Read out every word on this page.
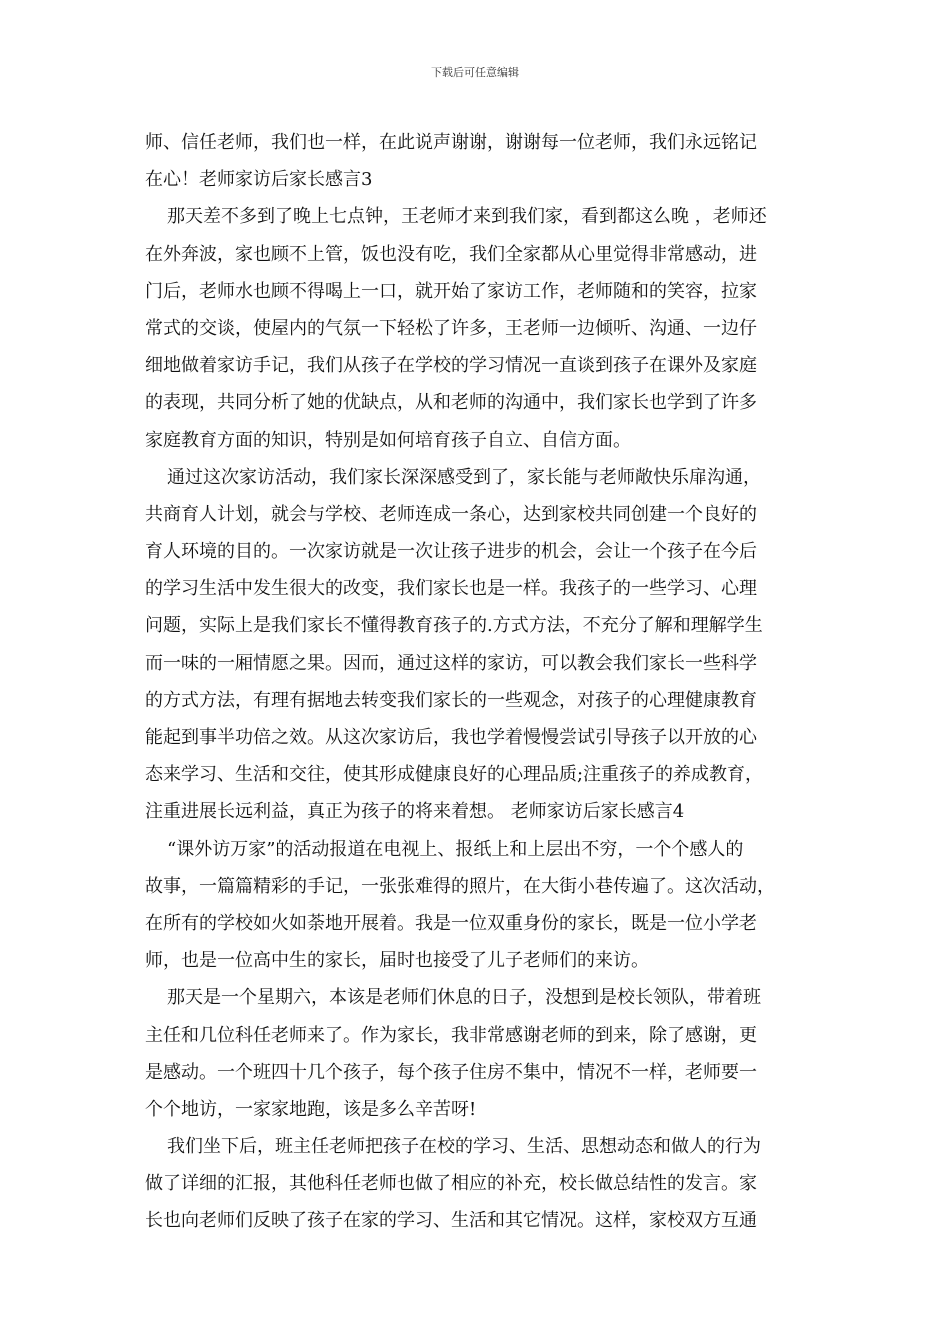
下载后可任意编辑
师、信任老师，我们也一样，在此说声谢谢，谢谢每一位老师，我们永远铭记
在心！老师家访后家长感言3
那天差不多到了晚上七点钟，王老师才来到我们家，看到都这么晚 ，老师还
在外奔波，家也顾不上管，饭也没有吃，我们全家都从心里觉得非常感动，进
门后，老师水也顾不得喝上一口，就开始了家访工作，老师随和的笑容，拉家
常式的交谈，使屋内的气氛一下轻松了许多，王老师一边倾听、沟通、一边仔
细地做着家访手记，我们从孩子在学校的学习情况一直谈到孩子在课外及家庭
的表现，共同分析了她的优缺点，从和老师的沟通中，我们家长也学到了许多
家庭教育方面的知识，特别是如何培育孩子自立、自信方面。
通过这次家访活动，我们家长深深感受到了，家长能与老师敞快乐扉沟通，
共商育人计划，就会与学校、老师连成一条心，达到家校共同创建一个良好的
育人环境的目的。一次家访就是一次让孩子进步的机会，会让一个孩子在今后
的学习生活中发生很大的改变，我们家长也是一样。我孩子的一些学习、心理
问题，实际上是我们家长不懂得教育孩子的.方式方法，不充分了解和理解学生
而一味的一厢情愿之果。因而，通过这样的家访，可以教会我们家长一些科学
的方式方法，有理有据地去转变我们家长的一些观念，对孩子的心理健康教育
能起到事半功倍之效。从这次家访后，我也学着慢慢尝试引导孩子以开放的心
态来学习、生活和交往，使其形成健康良好的心理品质;注重孩子的养成教育，
注重进展长远利益，真正为孩子的将来着想。 老师家访后家长感言4
“课外访万家”的活动报道在电视上、报纸上和上层出不穷，一个个感人的
故事，一篇篇精彩的手记，一张张难得的照片，在大街小巷传遍了。这次活动，
在所有的学校如火如荼地开展着。我是一位双重身份的家长，既是一位小学老
师，也是一位高中生的家长，届时也接受了儿子老师们的来访。
那天是一个星期六，本该是老师们休息的日子，没想到是校长领队，带着班
主任和几位科任老师来了。作为家长，我非常感谢老师的到来，除了感谢，更
是感动。一个班四十几个孩子，每个孩子住房不集中，情况不一样，老师要一
个个地访，一家家地跑，该是多么辛苦呀!
我们坐下后，班主任老师把孩子在校的学习、生活、思想动态和做人的行为
做了详细的汇报，其他科任老师也做了相应的补充，校长做总结性的发言。家
长也向老师们反映了孩子在家的学习、生活和其它情况。这样，家校双方互通
